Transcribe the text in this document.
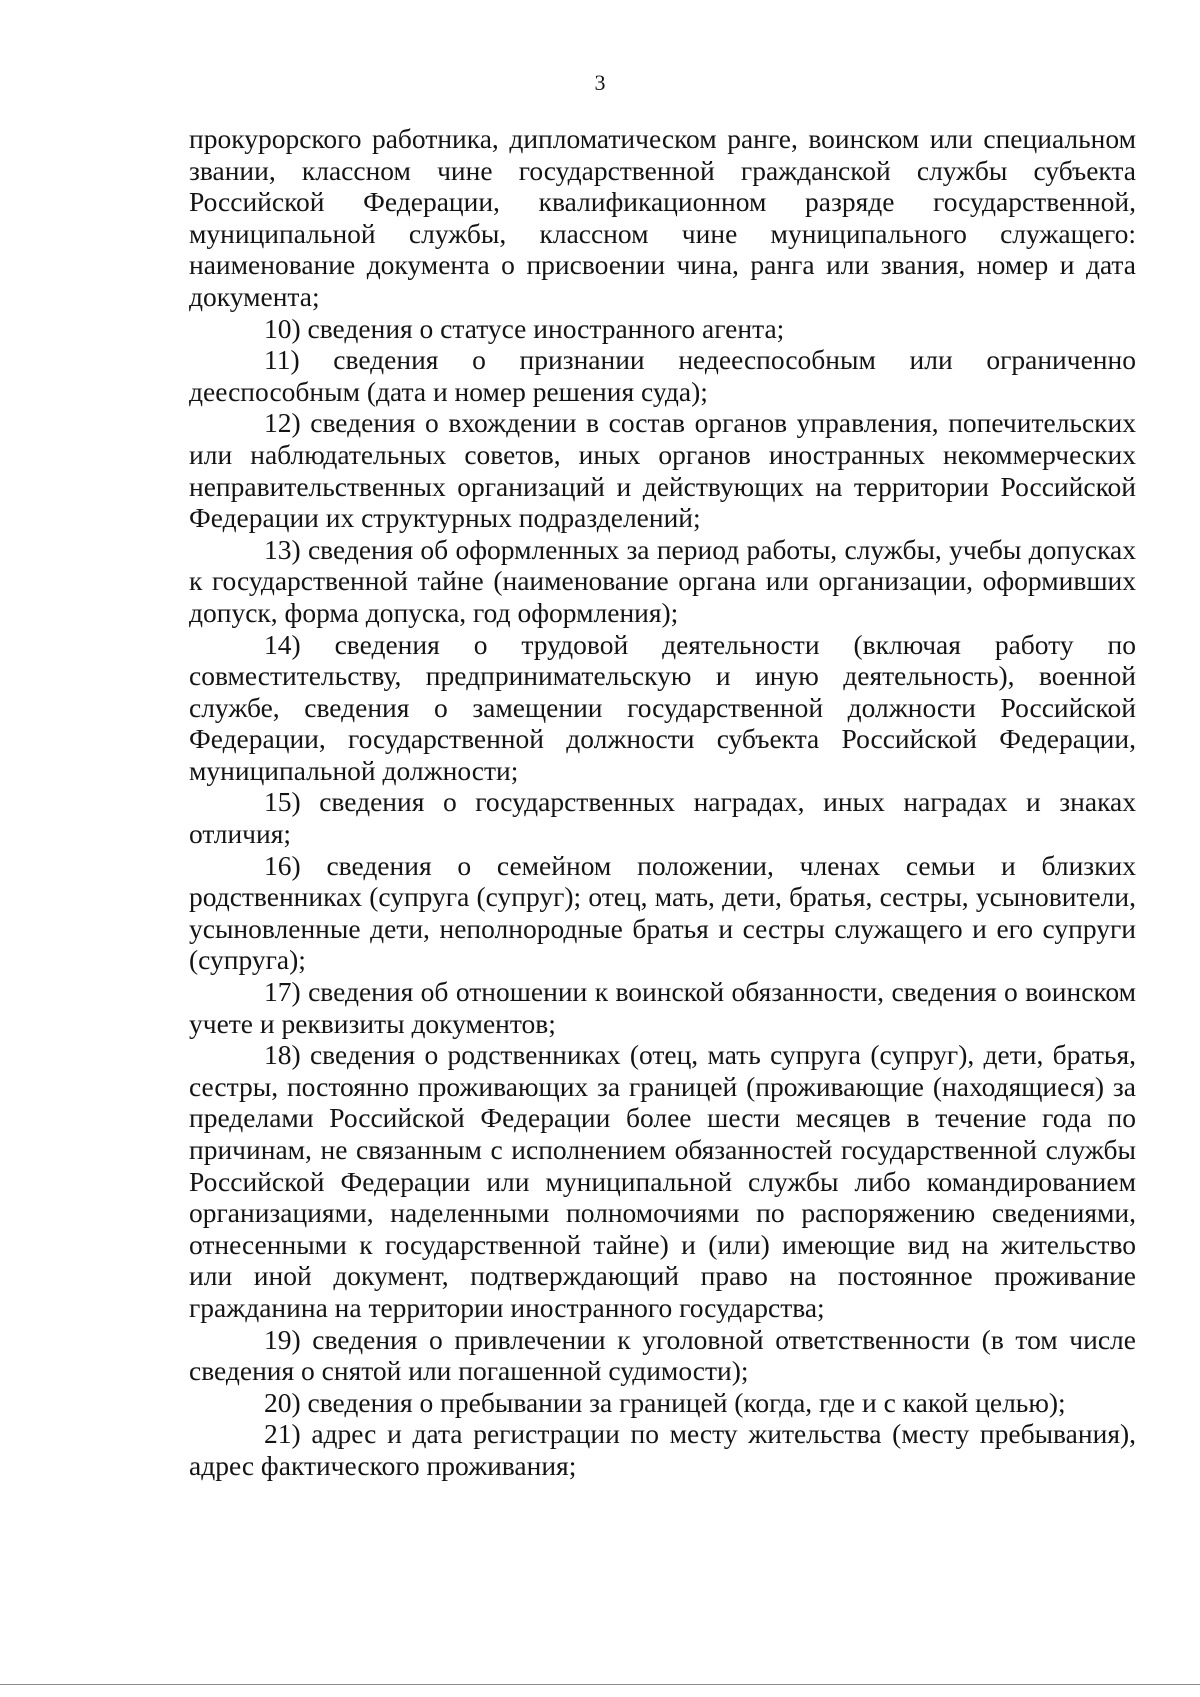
3

прокурорского работника, дипломатическом ранге, воинском или специальном звании, классном чине государственной гражданской службы субъекта Российской Федерации, квалификационном разряде государственной, муниципальной службы, классном чине муниципального служащего: наименование документа о присвоении чина, ранга или звания, номер и дата документа;

10) сведения о статусе иностранного агента;

11) сведения о признании недееспособным или ограниченно дееспособным (дата и номер решения суда);

12) сведения о вхождении в состав органов управления, попечительских или наблюдательных советов, иных органов иностранных некоммерческих неправительственных организаций и действующих на территории Российской Федерации их структурных подразделений;

13) сведения об оформленных за период работы, службы, учебы допусках к государственной тайне (наименование органа или организации, оформивших допуск, форма допуска, год оформления);

14) сведения о трудовой деятельности (включая работу по совместительству, предпринимательскую и иную деятельность), военной службе, сведения о замещении государственной должности Российской Федерации, государственной должности субъекта Российской Федерации, муниципальной должности;

15) сведения о государственных наградах, иных наградах и знаках отличия;

16) сведения о семейном положении, членах семьи и близких родственниках (супруга (супруг); отец, мать, дети, братья, сестры, усыновители, усыновленные дети, неполнородные братья и сестры служащего и его супруги (супруга);

17) сведения об отношении к воинской обязанности, сведения о воинском учете и реквизиты документов;

18) сведения о родственниках (отец, мать супруга (супруг), дети, братья, сестры, постоянно проживающих за границей (проживающие (находящиеся) за пределами Российской Федерации более шести месяцев в течение года по причинам, не связанным с исполнением обязанностей государственной службы Российской Федерации или муниципальной службы либо командированием организациями, наделенными полномочиями по распоряжению сведениями, отнесенными к государственной тайне) и (или) имеющие вид на жительство или иной документ, подтверждающий право на постоянное проживание гражданина на территории иностранного государства;

19) сведения о привлечении к уголовной ответственности (в том числе сведения о снятой или погашенной судимости);

20) сведения о пребывании за границей (когда, где и с какой целью);

21) адрес и дата регистрации по месту жительства (месту пребывания), адрес фактического проживания;
